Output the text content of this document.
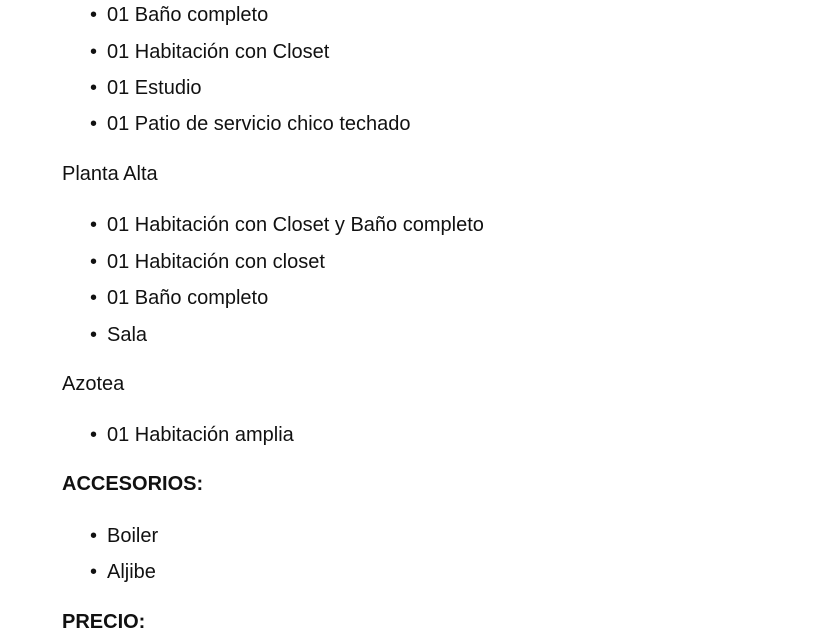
• 01 Baño completo
• 01 Habitación con Closet
• 01 Estudio
• 01 Patio de servicio chico techado
Planta Alta
• 01 Habitación con Closet y Baño completo
• 01 Habitación con closet
• 01 Baño completo
• Sala
Azotea
• 01 Habitación amplia
ACCESORIOS:
• Boiler
• Aljibe
PRECIO:
